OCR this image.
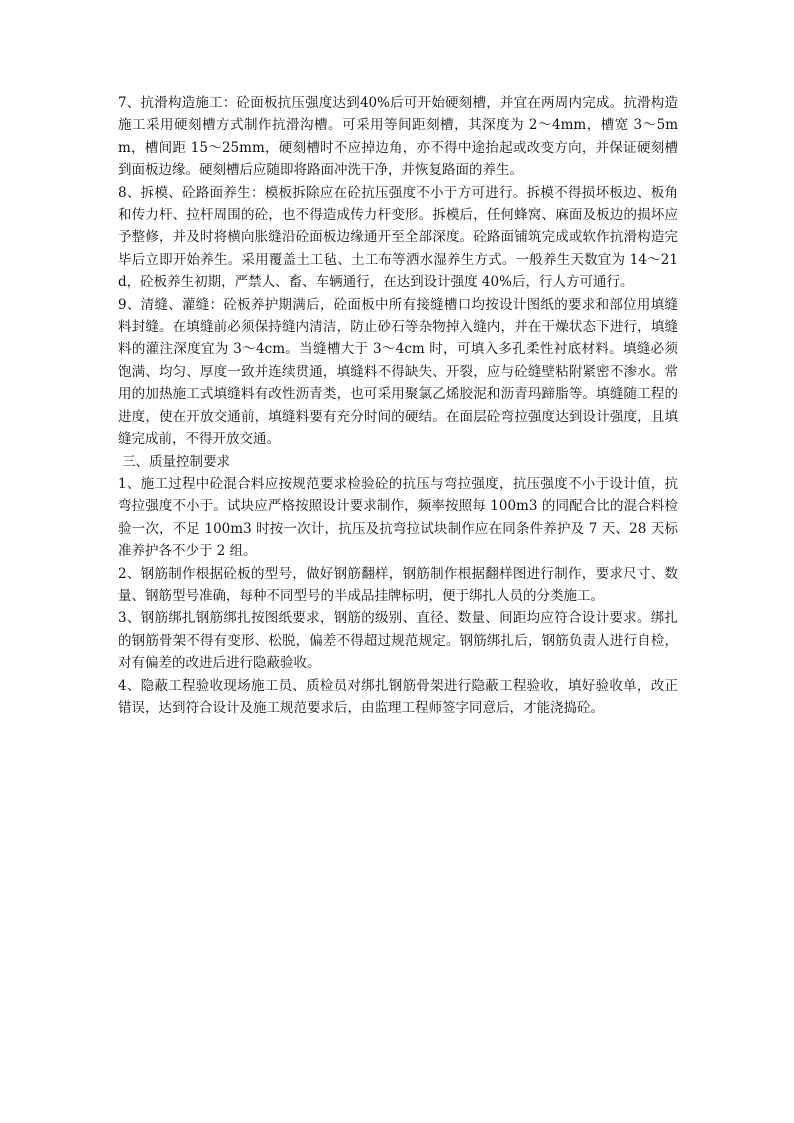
7、抗滑构造施工：砼面板抗压强度达到40%后可开始硬刻槽，并宜在两周内完成。抗滑构造施工采用硬刻槽方式制作抗滑沟槽。可采用等间距刻槽，其深度为 2～4mm，槽宽 3～5mm，槽间距 15～25mm，硬刻槽时不应掉边角，亦不得中途抬起或改变方向，并保证硬刻槽到面板边缘。硬刻槽后应随即将路面冲洗干净，并恢复路面的养生。

8、拆模、砼路面养生：模板拆除应在砼抗压强度不小于方可进行。拆模不得损坏板边、板角和传力杆、拉杆周围的砼，也不得造成传力杆变形。拆模后，任何蜂窝、麻面及板边的损坏应予整修，并及时将横向胀缝沿砼面板边缘通开至全部深度。砼路面铺筑完成或软作抗滑构造完毕后立即开始养生。采用覆盖土工毡、土工布等洒水湿养生方式。一般养生天数宜为 14～21d，砼板养生初期，严禁人、畜、车辆通行，在达到设计强度 40%后，行人方可通行。

9、清缝、灌缝：砼板养护期满后，砼面板中所有接缝槽口均按设计图纸的要求和部位用填缝料封缝。在填缝前必须保持缝内清洁，防止砂石等杂物掉入缝内，并在干燥状态下进行，填缝料的灌注深度宜为 3～4cm。当缝槽大于 3～4cm 时，可填入多孔柔性衬底材料。填缝必须饱满、均匀、厚度一致并连续贯通，填缝料不得缺失、开裂，应与砼缝壁粘附紧密不渗水。常用的加热施工式填缝料有改性沥青类，也可采用聚氯乙烯胶泥和沥青玛蹄脂等。填缝随工程的进度，使在开放交通前，填缝料要有充分时间的硬结。在面层砼弯拉强度达到设计强度，且填缝完成前，不得开放交通。

三、质量控制要求

1、施工过程中砼混合料应按规范要求检验砼的抗压与弯拉强度，抗压强度不小于设计值，抗弯拉强度不小于。试块应严格按照设计要求制作，频率按照每 100m3 的同配合比的混合料检验一次，不足 100m3 时按一次计，抗压及抗弯拉试块制作应在同条件养护及 7 天、28 天标准养护各不少于 2 组。

2、钢筋制作根据砼板的型号，做好钢筋翻样，钢筋制作根据翻样图进行制作，要求尺寸、数量、钢筋型号准确，每种不同型号的半成品挂牌标明，便于绑扎人员的分类施工。

3、钢筋绑扎钢筋绑扎按图纸要求，钢筋的级别、直径、数量、间距均应符合设计要求。绑扎的钢筋骨架不得有变形、松脱，偏差不得超过规范规定。钢筋绑扎后，钢筋负责人进行自检，对有偏差的改进后进行隐蔽验收。

4、隐蔽工程验收现场施工员、质检员对绑扎钢筋骨架进行隐蔽工程验收，填好验收单，改正错误，达到符合设计及施工规范要求后，由监理工程师签字同意后，才能浇捣砼。
